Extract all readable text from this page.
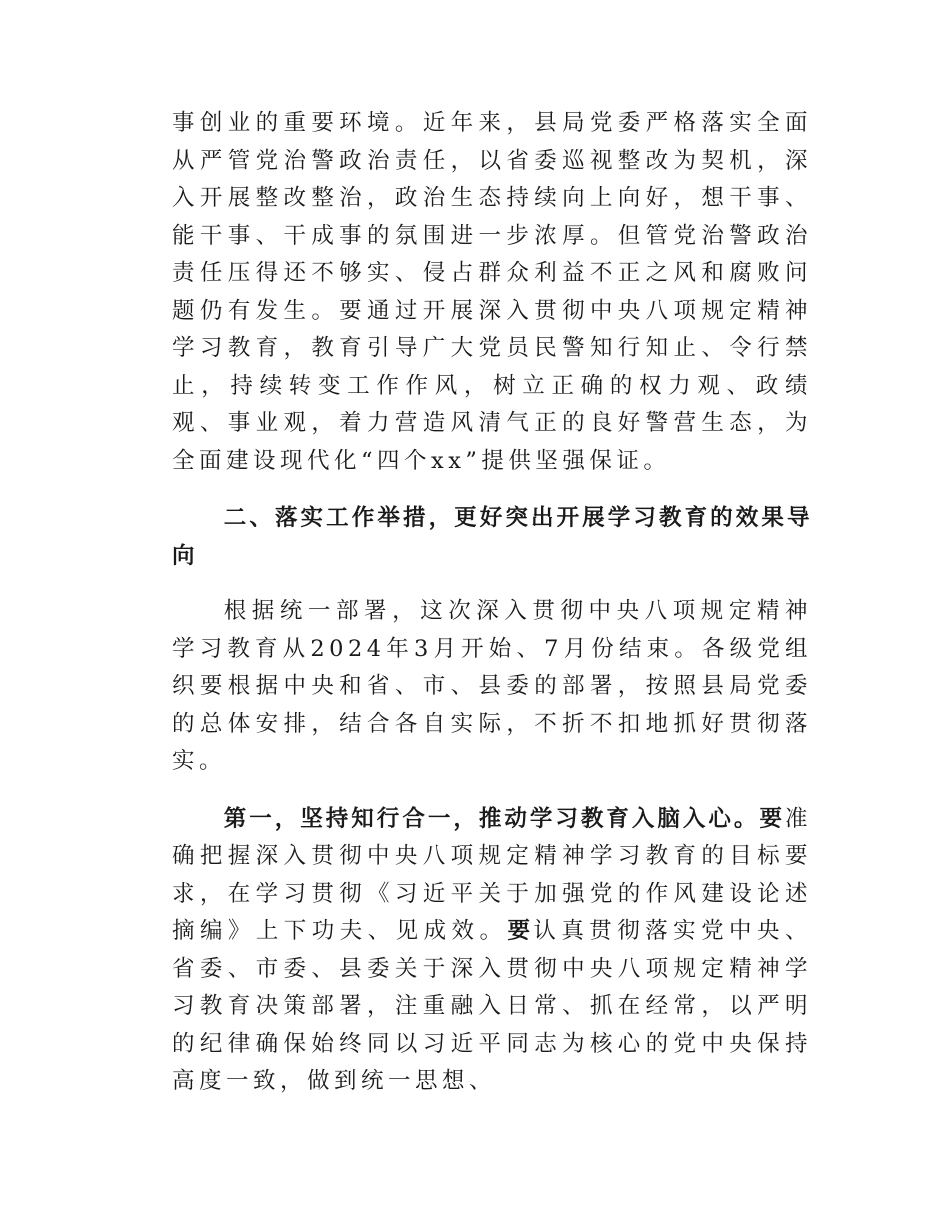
事创业的重要环境。近年来，县局党委严格落实全面从严管党治警政治责任，以省委巡视整改为契机，深入开展整改整治，政治生态持续向上向好，想干事、能干事、干成事的氛围进一步浓厚。但管党治警政治责任压得还不够实、侵占群众利益不正之风和腐败问题仍有发生。要通过开展深入贯彻中央八项规定精神学习教育，教育引导广大党员民警知行知止、令行禁止，持续转变工作作风，树立正确的权力观、政绩观、事业观，着力营造风清气正的良好警营生态，为全面建设现代化“四个xx”提供坚强保证。

二、落实工作举措，更好突出开展学习教育的效果导向

根据统一部署，这次深入贯彻中央八项规定精神学习教育从2024年3月开始、7月份结束。各级党组织要根据中央和省、市、县委的部署，按照县局党委的总体安排，结合各自实际，不折不扣地抓好贯彻落实。

第一，坚持知行合一，推动学习教育入脑入心。要准确把握深入贯彻中央八项规定精神学习教育的目标要求，在学习贯彻《习近平关于加强党的作风建设论述摘编》上下功夫、见成效。要认真贯彻落实党中央、省委、市委、县委关于深入贯彻中央八项规定精神学习教育决策部署，注重融入日常、抓在经常，以严明的纪律确保始终同以习近平同志为核心的党中央保持高度一致，做到统一思想、
